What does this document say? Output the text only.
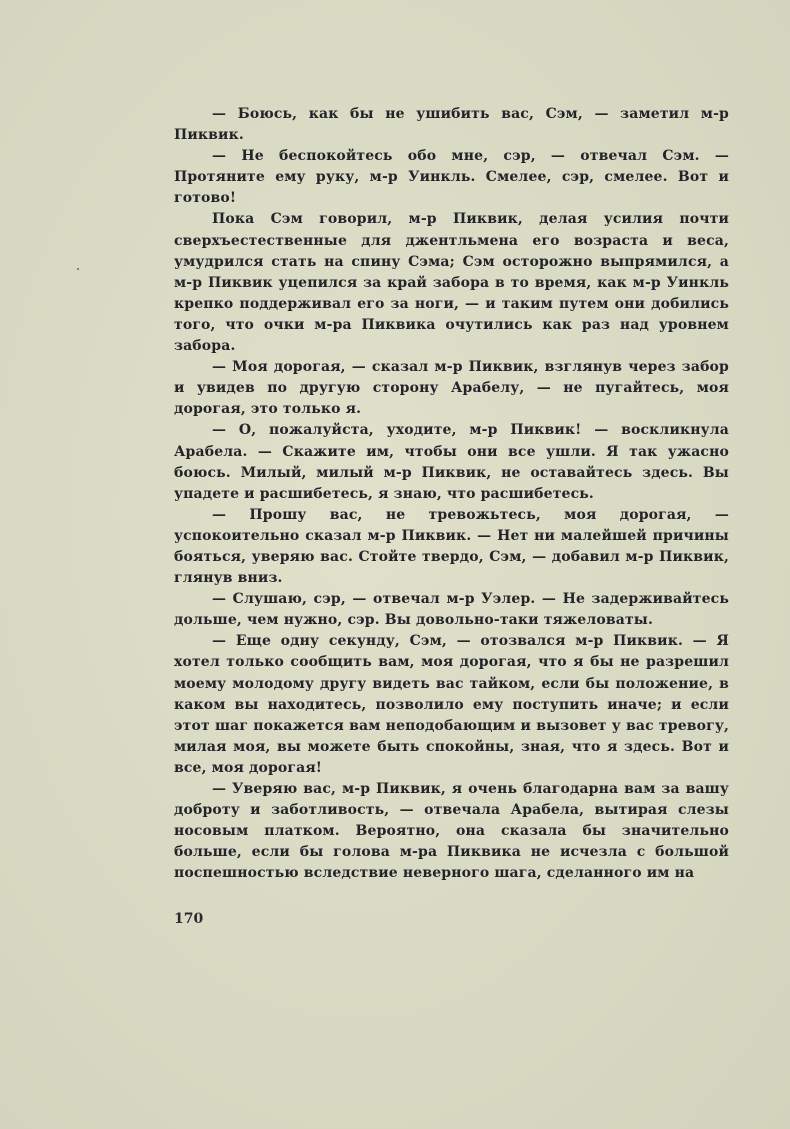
— Боюсь, как бы не ушибить вас, Сэм, — заметил м-р Пиквик.

— Не беспокойтесь обо мне, сэр, — отвечал Сэм. — Протяните ему руку, м-р Уинкль. Смелее, сэр, смелее. Вот и готово!

Пока Сэм говорил, м-р Пиквик, делая усилия почти сверхъестественные для джентльмена его возраста и веса, умудрился стать на спину Сэма; Сэм осторожно выпрямился, а м-р Пиквик уцепился за край забора в то время, как м-р Уинкль крепко поддерживал его за ноги, — и таким путем они добились того, что очки м-ра Пиквика очутились как раз над уровнем забора.

— Моя дорогая, — сказал м-р Пиквик, взглянув через забор и увидев по другую сторону Арабелу, — не пугайтесь, моя дорогая, это только я.

— О, пожалуйста, уходите, м-р Пиквик! — воскликнула Арабела. — Скажите им, чтобы они все ушли. Я так ужасно боюсь. Милый, милый м-р Пиквик, не оставайтесь здесь. Вы упадете и расшибетесь, я знаю, что расшибетесь.

— Прошу вас, не тревожьтесь, моя дорогая, — успокоительно сказал м-р Пиквик. — Нет ни малейшей причины бояться, уверяю вас. Стойте твердо, Сэм, — добавил м-р Пиквик, глянув вниз.

— Слушаю, сэр, — отвечал м-р Уэлер. — Не задерживайтесь дольше, чем нужно, сэр. Вы довольно-таки тяжеловаты.

— Еще одну секунду, Сэм, — отозвался м-р Пиквик. — Я хотел только сообщить вам, моя дорогая, что я бы не разрешил моему молодому другу видеть вас тайком, если бы положение, в каком вы находитесь, позволило ему поступить иначе; и если этот шаг покажется вам неподобающим и вызовет у вас тревогу, милая моя, вы можете быть спокойны, зная, что я здесь. Вот и все, моя дорогая!

— Уверяю вас, м-р Пиквик, я очень благодарна вам за вашу доброту и заботливость, — отвечала Арабела, вытирая слезы носовым платком. Вероятно, она сказала бы значительно больше, если бы голова м-ра Пиквика не исчезла с большой поспешностью вследствие неверного шага, сделанного им на

170
